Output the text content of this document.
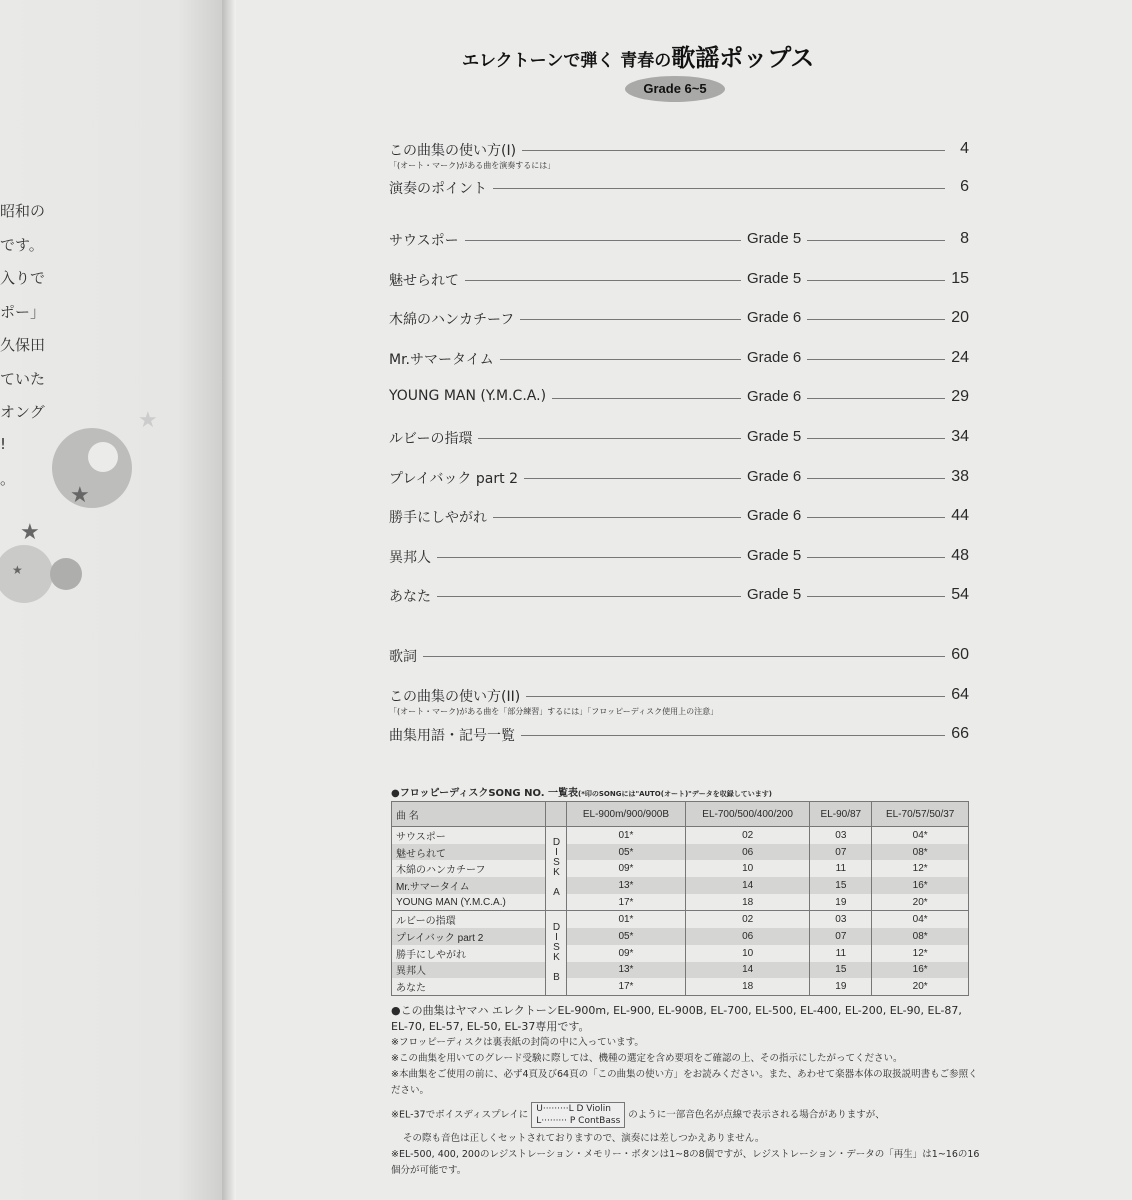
昭和の
です。
入りで
ポー」
久保田
ていた
オング
!
。
★
★
★
★
エレクトーンで弾く 青春の歌謡ポップス
Grade 6~5
この曲集の使い方(I)	4
「(オート・マーク)がある曲を演奏するには」
演奏のポイント	6
サウスポー	Grade 5	8
魅せられて	Grade 5	15
木綿のハンカチーフ	Grade 6	20
Mr.サマータイム	Grade 6	24
YOUNG MAN (Y.M.C.A.)	Grade 6	29
ルビーの指環	Grade 5	34
プレイバック part 2	Grade 6	38
勝手にしやがれ	Grade 6	44
異邦人	Grade 5	48
あなた	Grade 5	54
歌詞	60
この曲集の使い方(II)	64
「(オート・マーク)がある曲を「部分練習」するには」「フロッピーディスク使用上の注意」
曲集用語・記号一覧	66
●フロッピーディスクSONG NO. 一覧表(*印のSONGには"AUTO(オート)"データを収録しています)
曲 名		EL-900m/900/900B	EL-700/500/400/200	EL-90/87	EL-70/57/50/37
サウスポー	DISK A	01*	02	03	04*
魅せられて		05*	06	07	08*
木綿のハンカチーフ		09*	10	11	12*
Mr.サマータイム		13*	14	15	16*
YOUNG MAN (Y.M.C.A.)		17*	18	19	20*
ルビーの指環	DISK B	01*	02	03	04*
プレイバック part 2		05*	06	07	08*
勝手にしやがれ		09*	10	11	12*
異邦人		13*	14	15	16*
あなた		17*	18	19	20*
●この曲集はヤマハ エレクトーンEL-900m, EL-900, EL-900B, EL-700, EL-500, EL-400, EL-200, EL-90, EL-87, EL-70, EL-57, EL-50, EL-37専用です。
※フロッピーディスクは裏表紙の封筒の中に入っています。
※この曲集を用いてのグレード受験に際しては、機種の選定を含め要項をご確認の上、その指示にしたがってください。
※本曲集をご使用の前に、必ず4頁及び64頁の「この曲集の使い方」をお読みください。また、あわせて楽器本体の取扱説明書もご参照ください。
※EL-37でボイスディスプレイに U·········L D Violin
L········· P ContBass のように一部音色名が点線で表示される場合がありますが、
その際も音色は正しくセットされておりますので、演奏には差しつかえありません。
※EL-500, 400, 200のレジストレーション・メモリー・ボタンは1~8の8個ですが、レジストレーション・データの「再生」は1~16の16個分が可能です。
